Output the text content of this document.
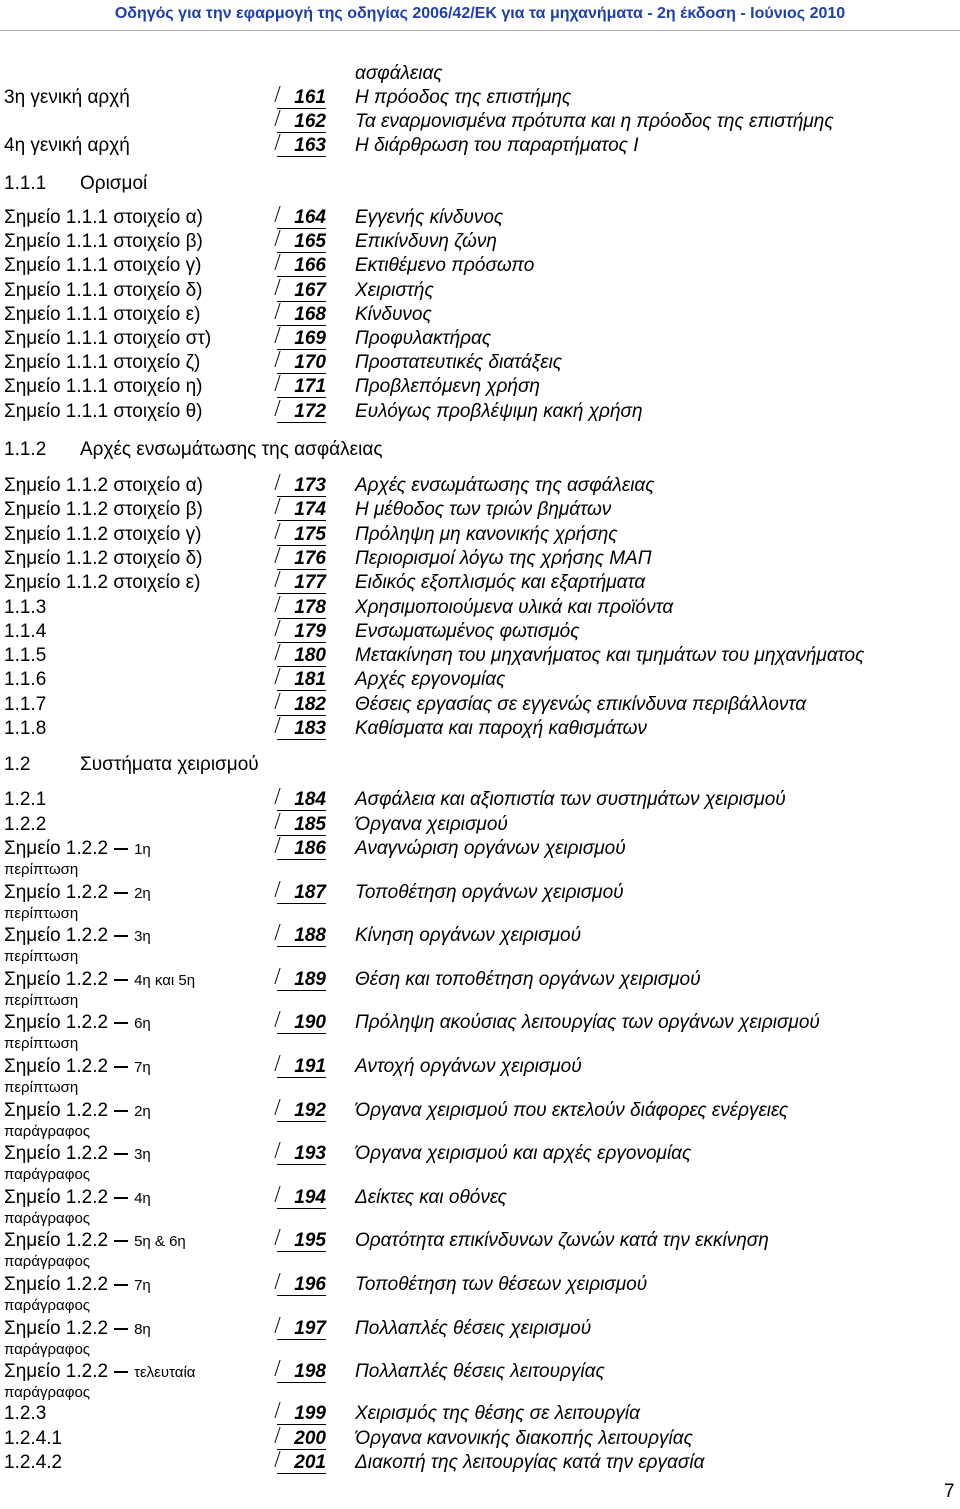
Οδηγός για την εφαρμογή της οδηγίας 2006/42/ΕΚ για τα μηχανήματα - 2η έκδοση - Ιούνιος 2010
ασφάλειας
3η γενική αρχή	161 Η πρόοδος της επιστήμης
162 Τα εναρμονισμένα πρότυπα και η πρόοδος της επιστήμης
4η γενική αρχή	163 Η διάρθρωση του παραρτήματος I
1.1.1 Ορισμοί
Σημείο 1.1.1 στοιχείο α)	164 Εγγενής κίνδυνος
Σημείο 1.1.1 στοιχείο β)	165 Επικίνδυνη ζώνη
Σημείο 1.1.1 στοιχείο γ)	166 Εκτιθέμενο πρόσωπο
Σημείο 1.1.1 στοιχείο δ)	167 Χειριστής
Σημείο 1.1.1 στοιχείο ε)	168 Κίνδυνος
Σημείο 1.1.1 στοιχείο στ)	169 Προφυλακτήρας
Σημείο 1.1.1 στοιχείο ζ)	170 Προστατευτικές διατάξεις
Σημείο 1.1.1 στοιχείο η)	171 Προβλεπόμενη χρήση
Σημείο 1.1.1 στοιχείο θ)	172 Ευλόγως προβλέψιμη κακή χρήση
1.1.2 Αρχές ενσωμάτωσης της ασφάλειας
Σημείο 1.1.2 στοιχείο α)	173 Αρχές ενσωμάτωσης της ασφάλειας
Σημείο 1.1.2 στοιχείο β)	174 Η μέθοδος των τριών βημάτων
Σημείο 1.1.2 στοιχείο γ)	175 Πρόληψη μη κανονικής χρήσης
Σημείο 1.1.2 στοιχείο δ)	176 Περιορισμοί λόγω της χρήσης ΜΑΠ
Σημείο 1.1.2 στοιχείο ε)	177 Ειδικός εξοπλισμός και εξαρτήματα
1.1.3	178 Χρησιμοποιούμενα υλικά και προϊόντα
1.1.4	179 Ενσωματωμένος φωτισμός
1.1.5	180 Μετακίνηση του μηχανήματος και τμημάτων του μηχανήματος
1.1.6	181 Αρχές εργονομίας
1.1.7	182 Θέσεις εργασίας σε εγγενώς επικίνδυνα περιβάλλοντα
1.1.8	183 Καθίσματα και παροχή καθισμάτων
1.2	Συστήματα χειρισμού
1.2.1	184 Ασφάλεια και αξιοπιστία των συστημάτων χειρισμού
1.2.2	185 Όργανα χειρισμού
Σημείο 1.2.2 1η	186 Αναγνώριση οργάνων χειρισμού
περίπτωση
Σημείο 1.2.2 2η	187 Τοποθέτηση οργάνων χειρισμού
περίπτωση
Σημείο 1.2.2 3η	188 Κίνηση οργάνων χειρισμού
περίπτωση
Σημείο 1.2.2 4η και 5η	189 Θέση και τοποθέτηση οργάνων χειρισμού
περίπτωση
Σημείο 1.2.2 6η	190 Πρόληψη ακούσιας λειτουργίας των οργάνων χειρισμού
περίπτωση
Σημείο 1.2.2 7η	191 Αντοχή οργάνων χειρισμού
περίπτωση
Σημείο 1.2.2 2η	192 Όργανα χειρισμού που εκτελούν διάφορες ενέργειες
παράγραφος
Σημείο 1.2.2 3η	193 Όργανα χειρισμού και αρχές εργονομίας
παράγραφος
Σημείο 1.2.2 4η	194 Δείκτες και οθόνες
παράγραφος
Σημείο 1.2.2 5η & 6η	195 Ορατότητα επικίνδυνων ζωνών κατά την εκκίνηση
παράγραφος
Σημείο 1.2.2 7η	196 Τοποθέτηση των θέσεων χειρισμού
παράγραφος
Σημείο 1.2.2 8η	197 Πολλαπλές θέσεις χειρισμού
παράγραφος
Σημείο 1.2.2 τελευταία	198 Πολλαπλές θέσεις λειτουργίας
παράγραφος
1.2.3	199 Χειρισμός της θέσης σε λειτουργία
1.2.4.1	200 Όργανα κανονικής διακοπής λειτουργίας
1.2.4.2	201 Διακοπή της λειτουργίας κατά την εργασία
7
